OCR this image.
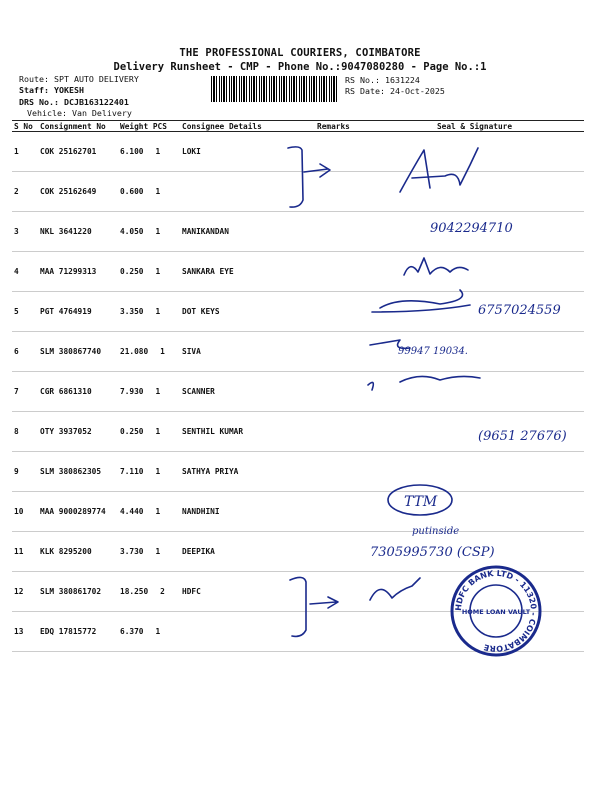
THE PROFESSIONAL COURIERS, COIMBATORE
Delivery Runsheet - CMP - Phone No.:9047080280 - Page No.:1
Route: SPT AUTO DELIVERY
Staff: YOKESH
DRS No.: DCJB163122401
Vehicle: Van Delivery
RS No.: 1631224
RS Date: 24-Oct-2025
S No	Consignment No	Weight PCS	Consignee Details	Remarks	Seal & Signature
1	COK 25162701	6.100 1	LOKI		
2	COK 25162649	0.600 1			
3	NKL 3641220	4.050 1	MANIKANDAN		
4	MAA 71299313	0.250 1	SANKARA EYE		
5	PGT 4764919	3.350 1	DOT KEYS		
6	SLM 380867740	21.080 1	SIVA		
7	CGR 6861310	7.930 1	SCANNER		
8	OTY 3937052	0.250 1	SENTHIL KUMAR		
9	SLM 380862305	7.110 1	SATHYA PRIYA		
10	MAA 9000289774	4.440 1	NANDHINI		
11	KLK 8295200	3.730 1	DEEPIKA		
12	SLM 380861702	18.250 2	HDFC		
13	EDQ 17815772	6.370 1			
9042294710
6757024559
99947 19034.
(9651 27676)
TTM
putinside
7305995730 (CSP)
HDFC BANK LTD - 11320 - COIMBATORE
HOME LOAN VAULT
